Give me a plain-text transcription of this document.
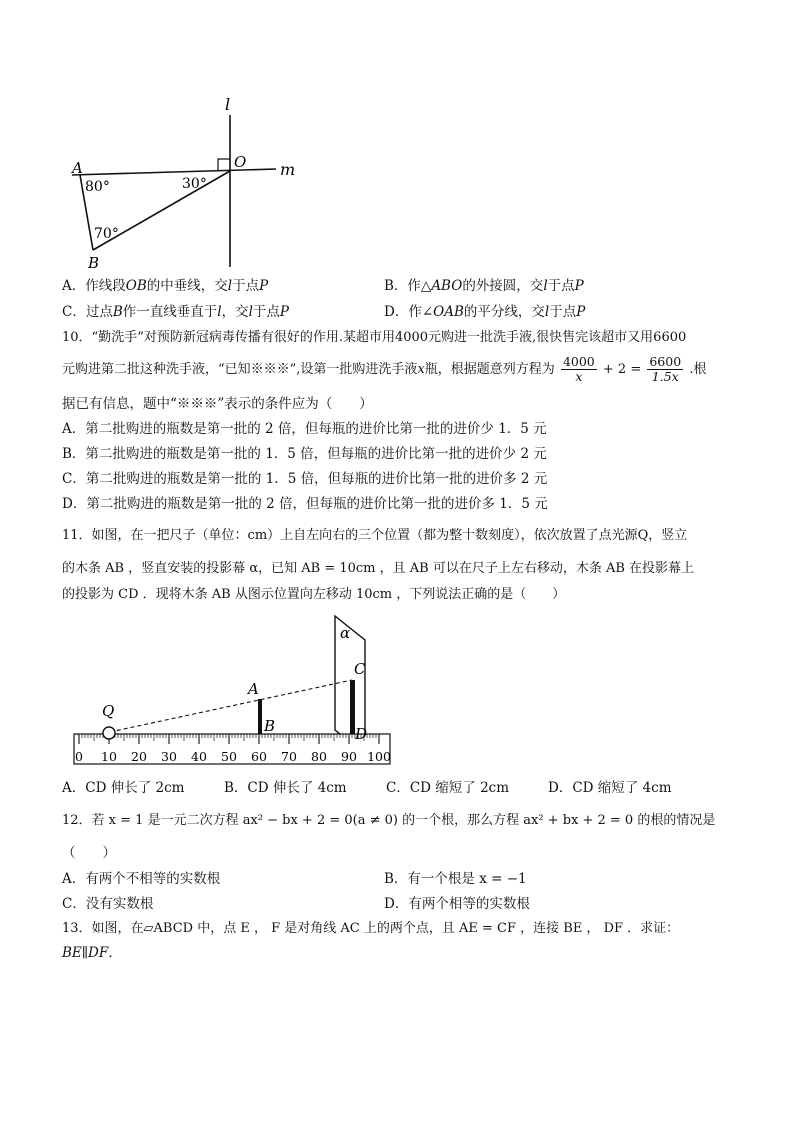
l
m
A	O
B
80°	30°
70°
A．作线段OB的中垂线，交l于点P	B．作△ABO的外接圆，交l于点P
C．过点B作一直线垂直于l，交l于点P	D．作∠OAB的平分线，交l于点P
10．“勤洗手”对预防新冠病毒传播有很好的作用.某超市用4000元购进一批洗手液,很快售完该超市又用6600
元购进第二批这种洗手液，“已知※※※”,设第一批购进洗手液x瓶，根据题意列方程为 $\frac{4000}{x} + 2 = \frac{6600}{1.5x}$ .根
据已有信息，题中“※※※”表示的条件应为（　　）
A．第二批购进的瓶数是第一批的 2 倍，但每瓶的进价比第一批的进价少 1．5 元
B．第二批购进的瓶数是第一批的 1．5 倍，但每瓶的进价比第一批的进价少 2 元
C．第二批购进的瓶数是第一批的 1．5 倍，但每瓶的进价比第一批的进价多 2 元
D．第二批购进的瓶数是第一批的 2 倍，但每瓶的进价比第一批的进价多 1．5 元
11．如图，在一把尺子（单位：cm）上自左向右的三个位置（都为整十数刻度），依次放置了点光源Q，竖立
的木条 AB ，竖直安装的投影幕 α，已知 AB = 10cm ，且 AB 可以在尺子上左右移动，木条 AB 在投影幕上
的投影为 CD ．现将木条 AB 从图示位置向左移动 10cm ，下列说法正确的是（　　）
α
0 10 20 30 40 50 60 70 80 90 100
Q
A
B
C
D
A．CD 伸长了 2cm	B．CD 伸长了 4cm	C．CD 缩短了 2cm	D．CD 缩短了 4cm
12．若 x = 1 是一元二次方程 ax² − bx + 2 = 0(a ≠ 0) 的一个根，那么方程 ax² + bx + 2 = 0 的根的情况是
（　　）
A．有两个不相等的实数根	B．有一个根是 x = −1
C．没有实数根	D．有两个相等的实数根
13．如图，在▱ABCD 中，点 E ， F 是对角线 AC 上的两个点，且 AE = CF ，连接 BE ， DF ．求证：
BE∥DF．
